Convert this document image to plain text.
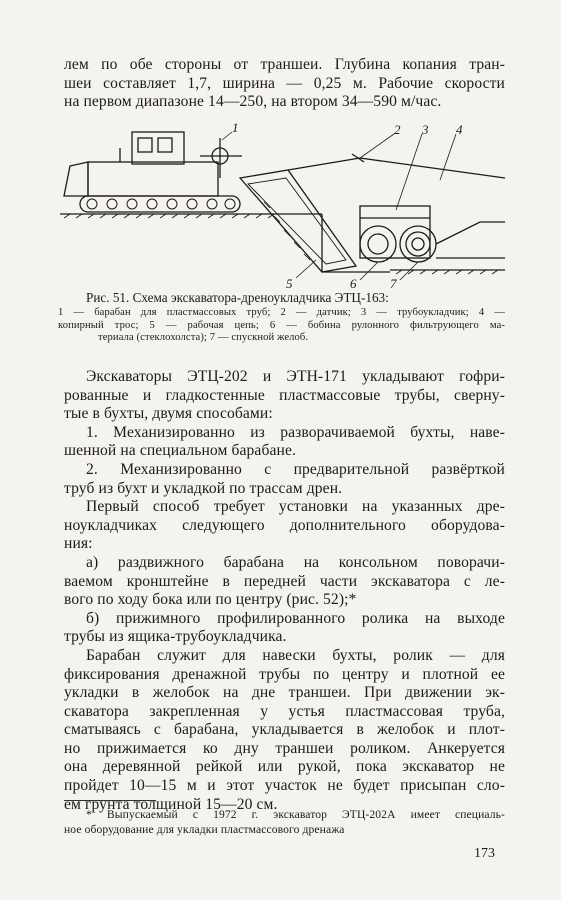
лем по обе стороны от траншеи. Глубина копания тран-
шеи составляет 1,7, ширина — 0,25 м. Рабочие скорости
на первом диапазоне 14—250, на втором 34—590 м/час.
1	2 3 4
5	6	7
Рис. 51. Схема экскаватора-дреноукладчика ЭТЦ-163:
1 — барабан для пластмассовых труб; 2 — датчик; 3 — трубоукладчик; 4 —
копирный трос; 5 — рабочая цепь; 6 — бобина рулонного фильтрующего ма-
териала (стеклохолста); 7 — спускной желоб.
Экскаваторы ЭТЦ-202 и ЭТН-171 укладывают гофри-
рованные и гладкостенные пластмассовые трубы, сверну-
тые в бухты, двумя способами:
1. Механизированно из разворачиваемой бухты, наве-
шенной на специальном барабане.
2. Механизированно с предварительной развёрткой
труб из бухт и укладкой по трассам дрен.
Первый способ требует установки на указанных дре-
ноукладчиках следующего дополнительного оборудова-
ния:
а) раздвижного барабана на консольном поворачи-
ваемом кронштейне в передней части экскаватора с ле-
вого по ходу бока или по центру (рис. 52);*
б) прижимного профилированного ролика на выходе
трубы из ящика-трубоукладчика.
Барабан служит для навески бухты, ролик — для
фиксирования дренажной трубы по центру и плотной ее
укладки в желобок на дне траншеи. При движении эк-
скаватора закрепленная у устья пластмассовая труба,
сматываясь с барабана, укладывается в желобок и плот-
но прижимается ко дну траншеи роликом. Анкеруется
она деревянной рейкой или рукой, пока экскаватор не
пройдет 10—15 м и этот участок не будет присыпан сло-
ем грунта толщиной 15—20 см.
* Выпускаемый с 1972 г. экскаватор ЭТЦ-202А имеет специаль-
ное оборудование для укладки пластмассового дренажа
173
